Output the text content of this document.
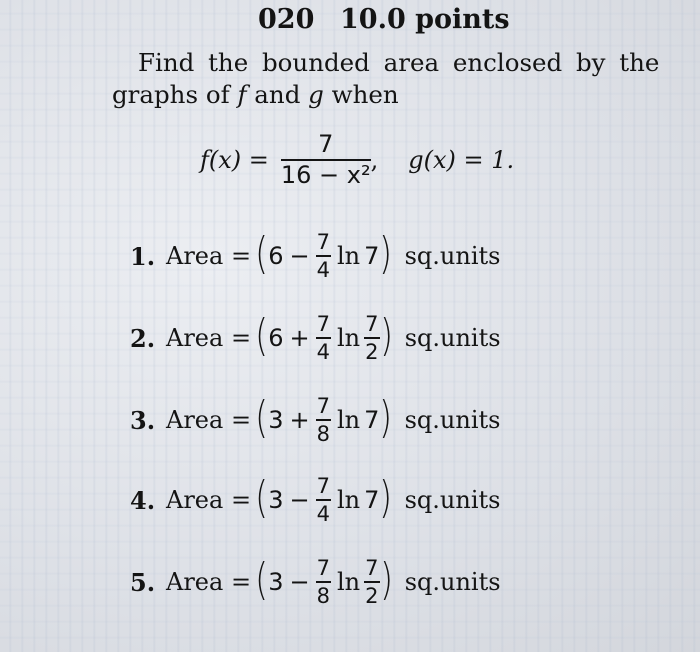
020 10.0 points
Find the bounded area enclosed by the
graphs of f and g when
$f(x) = \frac{7}{\text{16 − x²}}$ , g(x) = 1.
1. Area = ( $6 - \frac{7}{4}$ ln 7 ) sq.units
2. Area = ( $6 + \frac{7}{4}$ $\ln \frac{7}{2}$ ) sq.units
3. Area = ( $3 + \frac{7}{8}$ ln 7 ) sq.units
4. Area = ( $3 - \frac{7}{4}$ ln 7 ) sq.units
5. Area = ( $3 - \frac{7}{8}$ $\ln \frac{7}{2}$ ) sq.units
